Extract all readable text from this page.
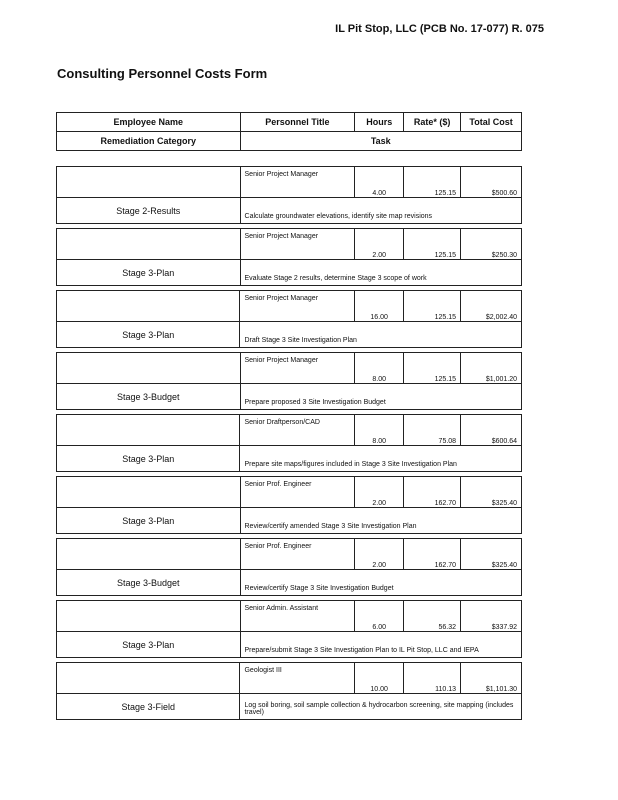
IL Pit Stop, LLC (PCB No. 17-077) R. 075
Consulting Personnel Costs Form
Employee Name	Personnel Title	Hours	Rate* ($)	Total Cost
Remediation Category	Task			
	Senior Project Manager	4.00	125.15	$500.60
Stage 2-Results	Calculate groundwater elevations, identify site map revisions			
	Senior Project Manager	2.00	125.15	$250.30
Stage 3-Plan	Evaluate Stage 2 results, determine Stage 3 scope of work			
	Senior Project Manager	16.00	125.15	$2,002.40
Stage 3-Plan	Draft Stage 3 Site Investigation Plan			
	Senior Project Manager	8.00	125.15	$1,001.20
Stage 3-Budget	Prepare proposed 3 Site Investigation Budget			
	Senior Draftperson/CAD	8.00	75.08	$600.64
Stage 3-Plan	Prepare site maps/figures included in Stage 3 Site Investigation Plan			
	Senior Prof. Engineer	2.00	162.70	$325.40
Stage 3-Plan	Review/certify amended Stage 3 Site Investigation Plan			
	Senior Prof. Engineer	2.00	162.70	$325.40
Stage 3-Budget	Review/certify Stage 3 Site Investigation Budget			
	Senior Admin. Assistant	6.00	56.32	$337.92
Stage 3-Plan	Prepare/submit Stage 3 Site Investigation Plan to IL Pit Stop, LLC and IEPA			
	Geologist III	10.00	110.13	$1,101.30
Stage 3-Field	Log soil boring, soil sample collection & hydrocarbon screening, site mapping (includes travel)			
